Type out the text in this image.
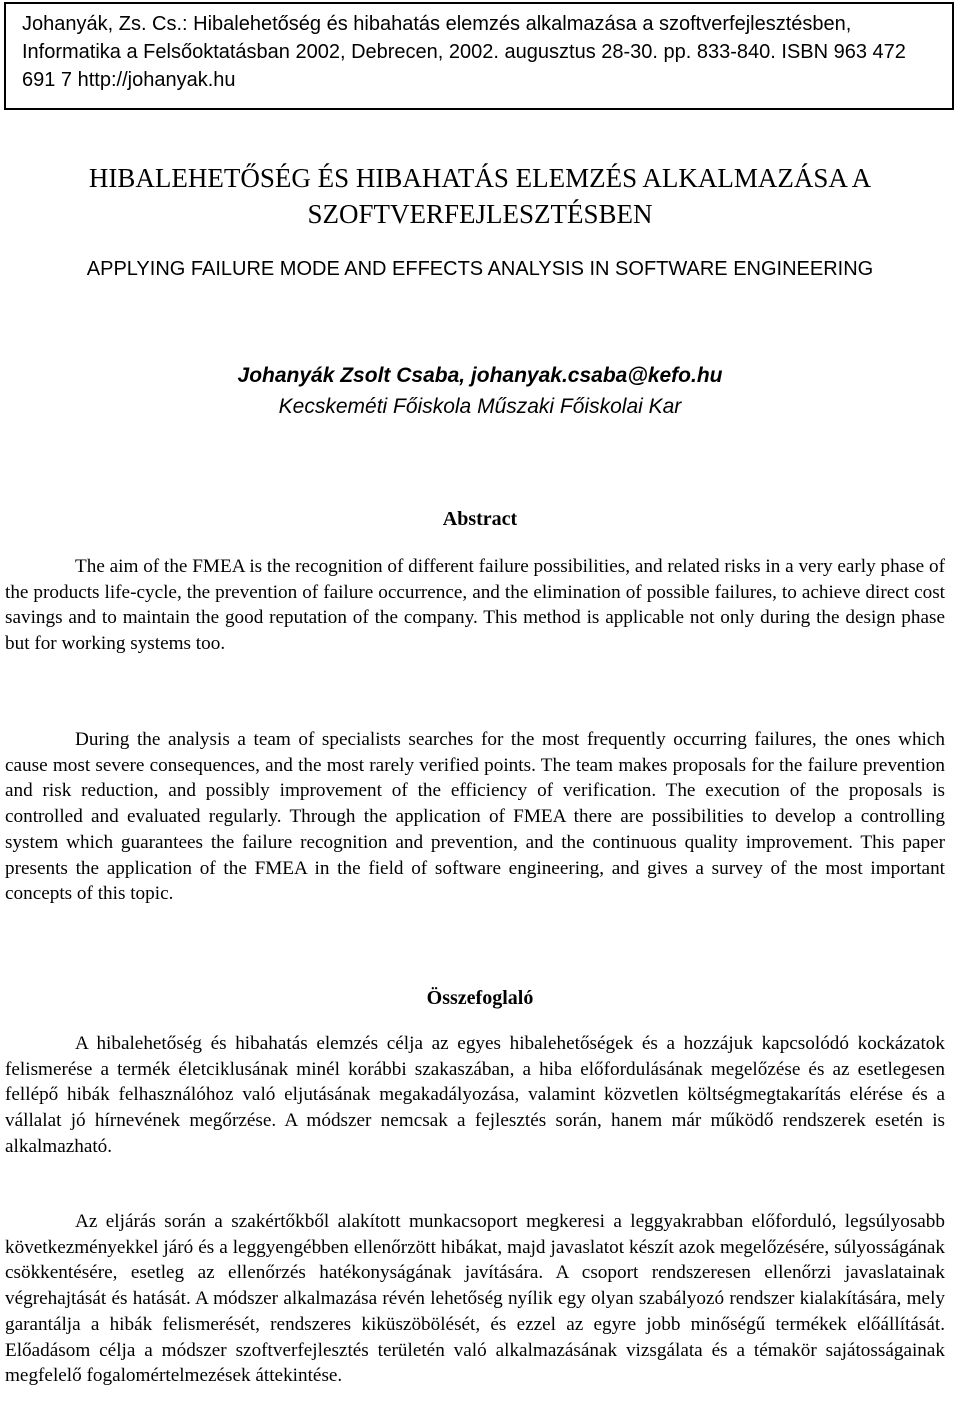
Johanyák, Zs. Cs.: Hibalehetőség és hibahatás elemzés alkalmazása a szoftverfejlesztésben, Informatika a Felsőoktatásban 2002, Debrecen, 2002. augusztus 28-30. pp. 833-840. ISBN 963 472 691 7 http://johanyak.hu

HIBALEHETŐSÉG ÉS HIBAHATÁS ELEMZÉS ALKALMAZÁSA A SZOFTVERFEJLESZTÉSBEN
APPLYING FAILURE MODE AND EFFECTS ANALYSIS IN SOFTWARE ENGINEERING

Johanyák Zsolt Csaba, johanyak.csaba@kefo.hu

Kecskeméti Főiskola Műszaki Főiskolai Kar

Abstract

The aim of the FMEA is the recognition of different failure possibilities, and related risks in a very early phase of the products life-cycle, the prevention of failure occurrence, and the elimination of possible failures, to achieve direct cost savings and to maintain the good reputation of the company. This method is applicable not only during the design phase but for working systems too.

During the analysis a team of specialists searches for the most frequently occurring failures, the ones which cause most severe consequences, and the most rarely verified points. The team makes proposals for the failure prevention and risk reduction, and possibly improvement of the efficiency of verification. The execution of the proposals is controlled and evaluated regularly. Through the application of FMEA there are possibilities to develop a controlling system which guarantees the failure recognition and prevention, and the continuous quality improvement. This paper presents the application of the FMEA in the field of software engineering, and gives a survey of the most important concepts of this topic.

Összefoglaló

A hibalehetőség és hibahatás elemzés célja az egyes hibalehetőségek és a hozzájuk kapcsolódó kockázatok felismerése a termék életciklusának minél korábbi szakaszában, a hiba előfordulásának megelőzése és az esetlegesen fellépő hibák felhasználóhoz való eljutásának megakadályozása, valamint közvetlen költségmegtakarítás elérése és a vállalat jó hírnevének megőrzése. A módszer nemcsak a fejlesztés során, hanem már működő rendszerek esetén is alkalmazható.

Az eljárás során a szakértőkből alakított munkacsoport megkeresi a leggyakrabban előforduló, legsúlyosabb következményekkel járó és a leggyengébben ellenőrzött hibákat, majd javaslatot készít azok megelőzésére, súlyosságának csökkentésére, esetleg az ellenőrzés hatékonyságának javítására. A csoport rendszeresen ellenőrzi javaslatainak végrehajtását és hatását. A módszer alkalmazása révén lehetőség nyílik egy olyan szabályozó rendszer kialakítására, mely garantálja a hibák felismerését, rendszeres kiküszöbölését, és ezzel az egyre jobb minőségű termékek előállítását. Előadásom célja a módszer szoftverfejlesztés területén való alkalmazásának vizsgálata és a témakör sajátosságainak megfelelő fogalomértelmezések áttekintése.
